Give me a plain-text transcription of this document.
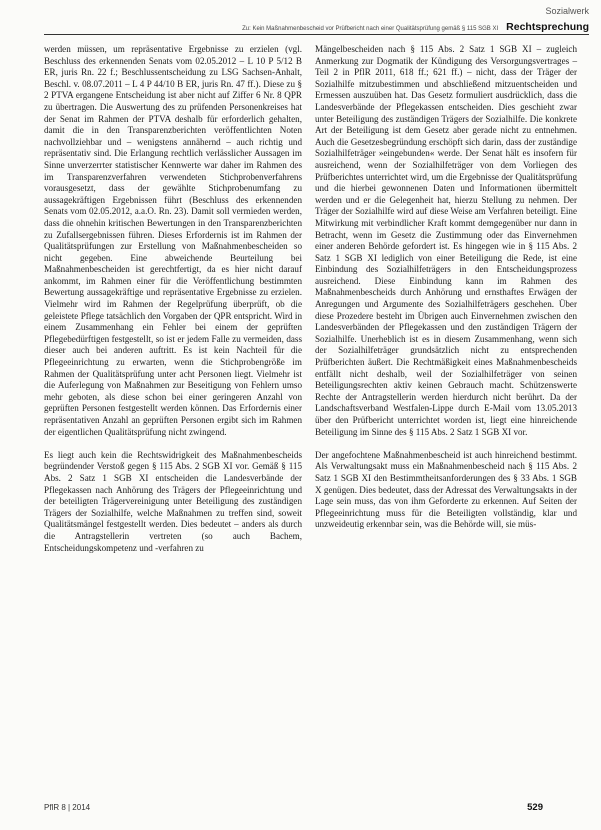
Sozialwerk
Zu: Kein Maßnahmenbescheid vor Prüfbericht nach einer Qualitätsprüfung gemäß § 115 SGB XI Rechtsprechung

werden müssen, um repräsentative Ergebnisse zu erzielen (vgl. Beschluss des erkennenden Senats vom 02.05.2012 – L 10 P 5/12 B ER, juris Rn. 22 f.; Beschlussentscheidung zu LSG Sachsen-Anhalt, Beschl. v. 08.07.2011 – L 4 P 44/10 B ER, juris Rn. 47 ff.). Diese zu § 2 PTVA ergangene Entscheidung ist aber nicht auf Ziffer 6 Nr. 8 QPR zu übertragen. Die Auswertung des zu prüfenden Personenkreises hat der Senat im Rahmen der PTVA deshalb für erforderlich gehalten, damit die in den Transparenzberichten veröffentlichten Noten nachvollziehbar und – wenigstens annähernd – auch richtig und repräsentativ sind. Die Erlangung rechtlich verlässlicher Aussagen im Sinne unverzerrter statistischer Kennwerte war daher im Rahmen des im Transparenzverfahren verwendeten Stichprobenverfahrens vorausgesetzt, dass der gewählte Stichprobenumfang zu aussagekräftigen Ergebnissen führt (Beschluss des erkennenden Senats vom 02.05.2012, a.a.O. Rn. 23). Damit soll vermieden werden, dass die ohnehin kritischen Bewertungen in den Transparenzberichten zu Zufallsergebnissen führen. Dieses Erfordernis ist im Rahmen der Qualitätsprüfungen zur Erstellung von Maßnahmenbescheiden so nicht gegeben. Eine abweichende Beurteilung bei Maßnahmenbescheiden ist gerechtfertigt, da es hier nicht darauf ankommt, im Rahmen einer für die Veröffentlichung bestimmten Bewertung aussagekräftige und repräsentative Ergebnisse zu erzielen. Vielmehr wird im Rahmen der Regelprüfung überprüft, ob die geleistete Pflege tatsächlich den Vorgaben der QPR entspricht. Wird in einem Zusammenhang ein Fehler bei einem der geprüften Pflegebedürftigen festgestellt, so ist er jedem Falle zu vermeiden, dass dieser auch bei anderen auftritt. Es ist kein Nachteil für die Pflegeeinrichtung zu erwarten, wenn die Stichprobengröße im Rahmen der Qualitätsprüfung unter acht Personen liegt. Vielmehr ist die Auferlegung von Maßnahmen zur Beseitigung von Fehlern umso mehr geboten, als diese schon bei einer geringeren Anzahl von geprüften Personen festgestellt werden können. Das Erfordernis einer repräsentativen Anzahl an geprüften Personen ergibt sich im Rahmen der eigentlichen Qualitätsprüfung nicht zwingend.

Es liegt auch kein die Rechtswidrigkeit des Maßnahmenbescheids begründender Verstoß gegen § 115 Abs. 2 SGB XI vor. Gemäß § 115 Abs. 2 Satz 1 SGB XI entscheiden die Landesverbände der Pflegekassen nach Anhörung des Trägers der Pflegeeinrichtung und der beteiligten Trägervereinigung unter Beteiligung des zuständigen Trägers der Sozialhilfe, welche Maßnahmen zu treffen sind, soweit Qualitätsmängel festgestellt werden. Dies bedeutet – anders als durch die Antragstellerin vertreten (so auch Bachem, Entscheidungskompetenz und -verfahren zu

Mängelbescheiden nach § 115 Abs. 2 Satz 1 SGB XI – zugleich Anmerkung zur Dogmatik der Kündigung des Versorgungsvertrages – Teil 2 in PflR 2011, 618 ff.; 621 ff.) – nicht, dass der Träger der Sozialhilfe mitzubestimmen und abschließend mitzuentscheiden und Ermessen auszuüben hat. Das Gesetz formuliert ausdrücklich, dass die Landesverbände der Pflegekassen entscheiden. Dies geschieht zwar unter Beteiligung des zuständigen Trägers der Sozialhilfe. Die konkrete Art der Beteiligung ist dem Gesetz aber gerade nicht zu entnehmen. Auch die Gesetzesbegründung erschöpft sich darin, dass der zuständige Sozialhilfeträger »eingebunden« werde. Der Senat hält es insofern für ausreichend, wenn der Sozialhilfeträger von dem Vorliegen des Prüfberichtes unterrichtet wird, um die Ergebnisse der Qualitätsprüfung und die hierbei gewonnenen Daten und Informationen übermittelt werden und er die Gelegenheit hat, hierzu Stellung zu nehmen. Der Träger der Sozialhilfe wird auf diese Weise am Verfahren beteiligt. Eine Mitwirkung mit verbindlicher Kraft kommt demgegenüber nur dann in Betracht, wenn im Gesetz die Zustimmung oder das Einvernehmen einer anderen Behörde gefordert ist. Es hingegen wie in § 115 Abs. 2 Satz 1 SGB XI lediglich von einer Beteiligung die Rede, ist eine Einbindung des Sozialhilfeträgers in den Entscheidungsprozess ausreichend. Diese Einbindung kann im Rahmen des Maßnahmenbescheids durch Anhörung und ernsthaftes Erwägen der Anregungen und Argumente des Sozialhilfeträgers geschehen. Über diese Prozedere besteht im Übrigen auch Einvernehmen zwischen den Landesverbänden der Pflegekassen und den zuständigen Trägern der Sozialhilfe. Unerheblich ist es in diesem Zusammenhang, wenn sich der Sozialhilfeträger grundsätzlich nicht zu entsprechenden Prüfberichten äußert. Die Rechtmäßigkeit eines Maßnahmenbescheids entfällt nicht deshalb, weil der Sozialhilfeträger von seinen Beteiligungsrechten aktiv keinen Gebrauch macht. Schützenswerte Rechte der Antragstellerin werden hierdurch nicht berührt. Da der Landschaftsverband Westfalen-Lippe durch E-Mail vom 13.05.2013 über den Prüfbericht unterrichtet worden ist, liegt eine hinreichende Beteiligung im Sinne des § 115 Abs. 2 Satz 1 SGB XI vor.

Der angefochtene Maßnahmenbescheid ist auch hinreichend bestimmt. Als Verwaltungsakt muss ein Maßnahmenbescheid nach § 115 Abs. 2 Satz 1 SGB XI den Bestimmtheitsanforderungen des § 33 Abs. 1 SGB X genügen. Dies bedeutet, dass der Adressat des Verwaltungsakts in der Lage sein muss, das von ihm Geforderte zu erkennen. Auf Seiten der Pflegeeinrichtung muss für die Beteiligten vollständig, klar und unzweideutig erkennbar sein, was die Behörde will, sie müs-

PflR 8 | 2014	529
